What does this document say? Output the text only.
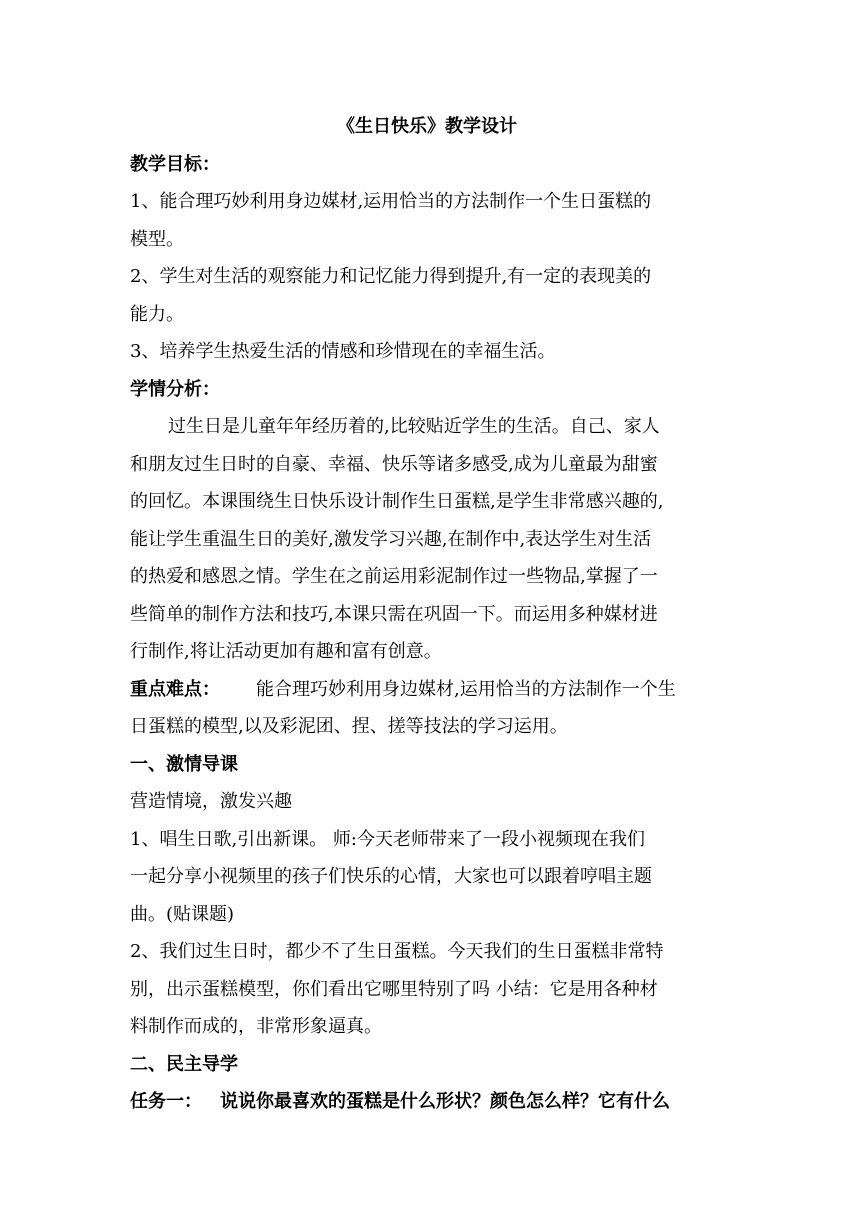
《生日快乐》教学设计
教学目标：
1、能合理巧妙利用身边媒材,运用恰当的方法制作一个生日蛋糕的
模型。
2、学生对生活的观察能力和记忆能力得到提升,有一定的表现美的
能力。
3、培养学生热爱生活的情感和珍惜现在的幸福生活。
学情分析：
过生日是儿童年年经历着的,比较贴近学生的生活。自己、家人
和朋友过生日时的自豪、幸福、快乐等诸多感受,成为儿童最为甜蜜
的回忆。本课围绕生日快乐设计制作生日蛋糕,是学生非常感兴趣的,
能让学生重温生日的美好,激发学习兴趣,在制作中,表达学生对生活
的热爱和感恩之情。学生在之前运用彩泥制作过一些物品,掌握了一
些简单的制作方法和技巧,本课只需在巩固一下。而运用多种媒材进
行制作,将让活动更加有趣和富有创意。
重点难点： 能合理巧妙利用身边媒材,运用恰当的方法制作一个生
日蛋糕的模型,以及彩泥团、捏、搓等技法的学习运用。
一、激情导课
营造情境，激发兴趣
1、唱生日歌,引出新课。 师:今天老师带来了一段小视频现在我们
一起分享小视频里的孩子们快乐的心情，大家也可以跟着哼唱主题
曲。(贴课题)
2、我们过生日时，都少不了生日蛋糕。今天我们的生日蛋糕非常特
别，出示蛋糕模型，你们看出它哪里特别了吗 小结：它是用各种材
料制作而成的，非常形象逼真。
二、民主导学
任务一： 说说你最喜欢的蛋糕是什么形状？颜色怎么样？它有什么
